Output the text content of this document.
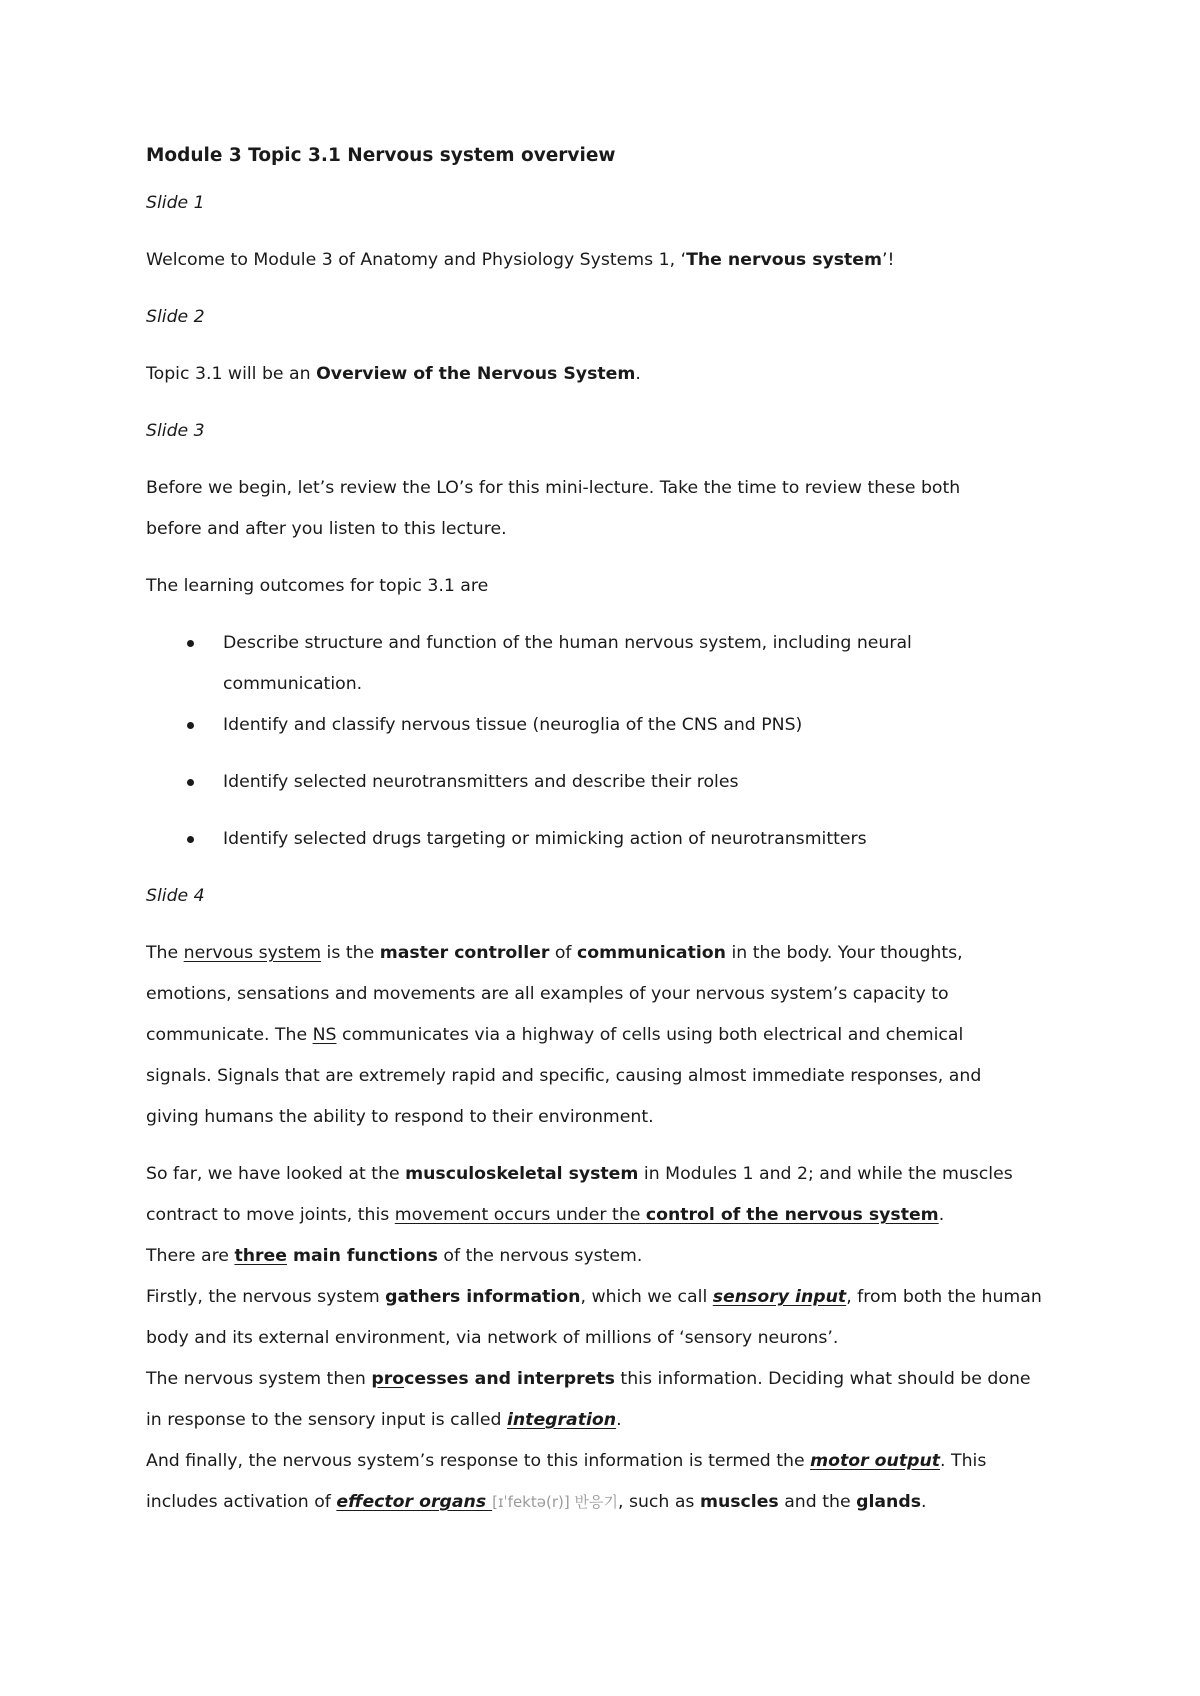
Module 3 Topic 3.1 Nervous system overview
Slide 1
Welcome to Module 3 of Anatomy and Physiology Systems 1, ‘The nervous system’!
Slide 2
Topic 3.1 will be an Overview of the Nervous System.
Slide 3
Before we begin, let’s review the LO’s for this mini-lecture. Take the time to review these both
before and after you listen to this lecture.
The learning outcomes for topic 3.1 are
Describe structure and function of the human nervous system, including neural
communication.
Identify and classify nervous tissue (neuroglia of the CNS and PNS)
Identify selected neurotransmitters and describe their roles
Identify selected drugs targeting or mimicking action of neurotransmitters
Slide 4
The nervous system is the master controller of communication in the body. Your thoughts,
emotions, sensations and movements are all examples of your nervous system’s capacity to
communicate. The NS communicates via a highway of cells using both electrical and chemical
signals. Signals that are extremely rapid and specific, causing almost immediate responses, and
giving humans the ability to respond to their environment.
So far, we have looked at the musculoskeletal system in Modules 1 and 2; and while the muscles
contract to move joints, this movement occurs under the control of the nervous system.
There are three main functions of the nervous system.
Firstly, the nervous system gathers information, which we call sensory input, from both the human
body and its external environment, via network of millions of ‘sensory neurons’.
The nervous system then processes and interprets this information. Deciding what should be done
in response to the sensory input is called integration.
And finally, the nervous system’s response to this information is termed the motor output. This
includes activation of effector organs [ɪˈfektə(r)] 반응기, such as muscles and the glands.
